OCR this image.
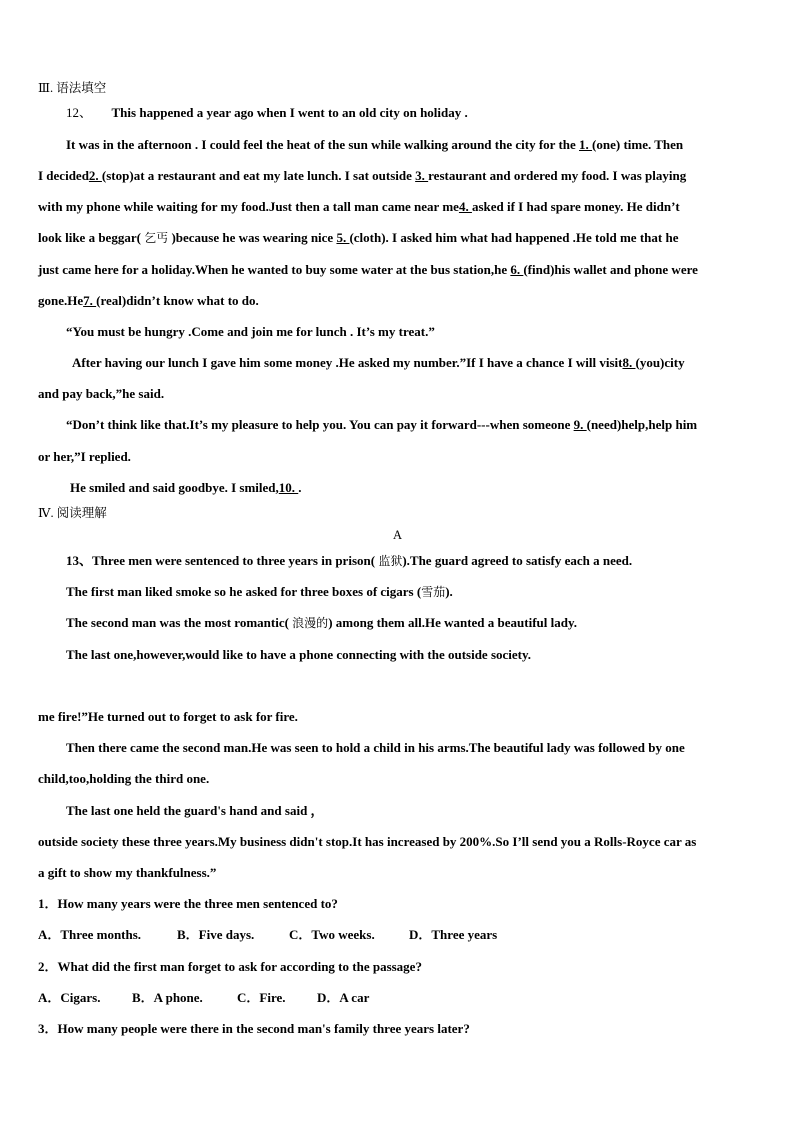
Ⅲ. 语法填空
12、 This happened a year ago when I went to an old city on holiday .
It was in the afternoon . I could feel the heat of the sun while walking around the city for the 1. (one) time. Then
I decided2. (stop)at a restaurant and eat my late lunch. I sat outside 3. restaurant and ordered my food. I was playing
with my phone while waiting for my food.Just then a tall man came near me4. asked if I had spare money. He didn’t
look like a beggar( 乞丐 )because he was wearing nice 5. (cloth). I asked him what had happened .He told me that he
just came here for a holiday.When he wanted to buy some water at the bus station,he 6. (find)his wallet and phone were
gone.He7. (real)didn’t know what to do.
“You must be hungry .Come and join me for lunch . It’s my treat.”
After having our lunch I gave him some money .He asked my number.”If I have a chance I will visit8. (you)city
and pay back,”he said.
“Don’t think like that.It’s my pleasure to help you. You can pay it forward---when someone 9. (need)help,help him
or her,”I replied.
He smiled and said goodbye. I smiled,10. .
Ⅳ. 阅读理解
A
13、Three men were sentenced to three years in prison( 监狱).The guard agreed to satisfy each a need.
The first man liked smoke so he asked for three boxes of cigars (雪茄).
The second man was the most romantic( 浪漫的) among them all.He wanted a beautiful lady.
The last one,however,would like to have a phone connecting with the outside society.
me fire!”He turned out to forget to ask for fire.
Then there came the second man.He was seen to hold a child in his arms.The beautiful lady was followed by one
child,too,holding the third one.
The last one held the guard's hand and said ，
outside society these three years.My business didn't stop.It has increased by 200%.So I’ll send you a Rolls-Royce car as
a gift to show my thankfulness.”
1．How many years were the three men sentenced to?
A．Three months.	B．Five days.	C．Two weeks.	D．Three years
2．What did the first man forget to ask for according to the passage?
A．Cigars. B．A phone.	C．Fire. D．A car
3．How many people were there in the second man's family three years later?
